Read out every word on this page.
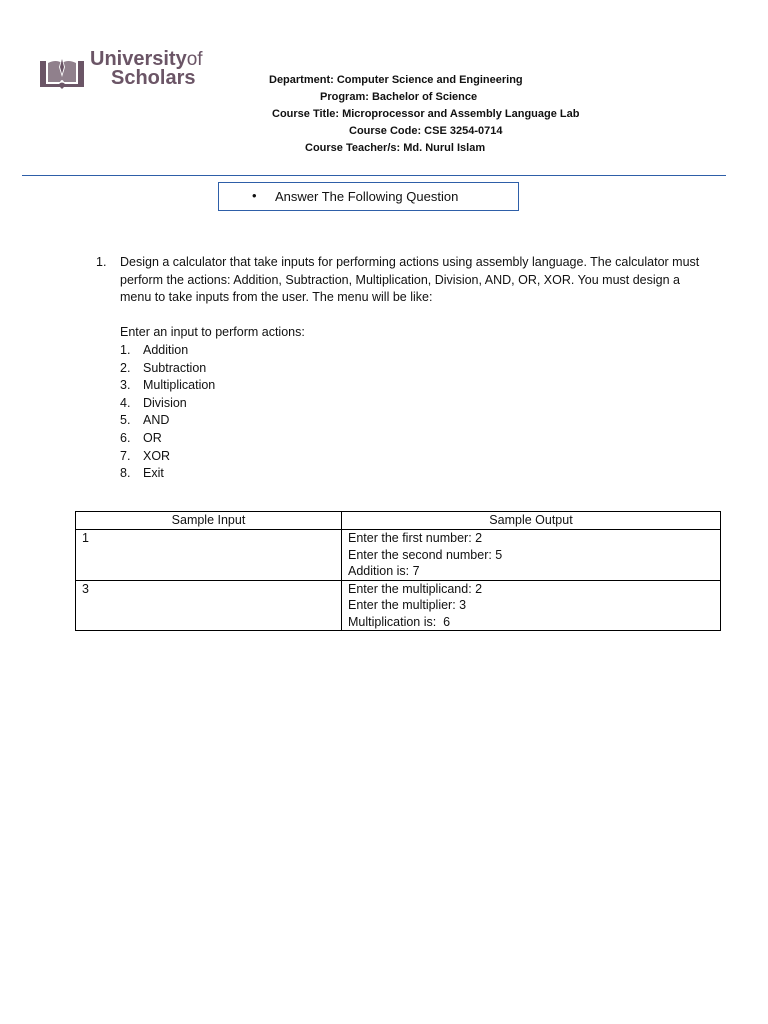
Universityof
Scholars	Department: Computer Science and Engineering
Program: Bachelor of Science
Course Title: Microprocessor and Assembly Language Lab
Course Code: CSE 3254-0714
Course Teacher/s: Md. Nurul Islam
• Answer The Following Question
1. Design a calculator that take inputs for performing actions using assembly language. The calculator must perform the actions: Addition, Subtraction, Multiplication, Division, AND, OR, XOR. You must design a menu to take inputs from the user. The menu will be like:
Enter an input to perform actions:
1. Addition
2. Subtraction
3. Multiplication
4. Division
5. AND
6. OR
7. XOR
8. Exit
Sample Input	Sample Output
1	Enter the first number: 2
Enter the second number: 5
Addition is: 7

3	Enter the multiplicand: 2
Enter the multiplier: 3
Multiplication is:  6
